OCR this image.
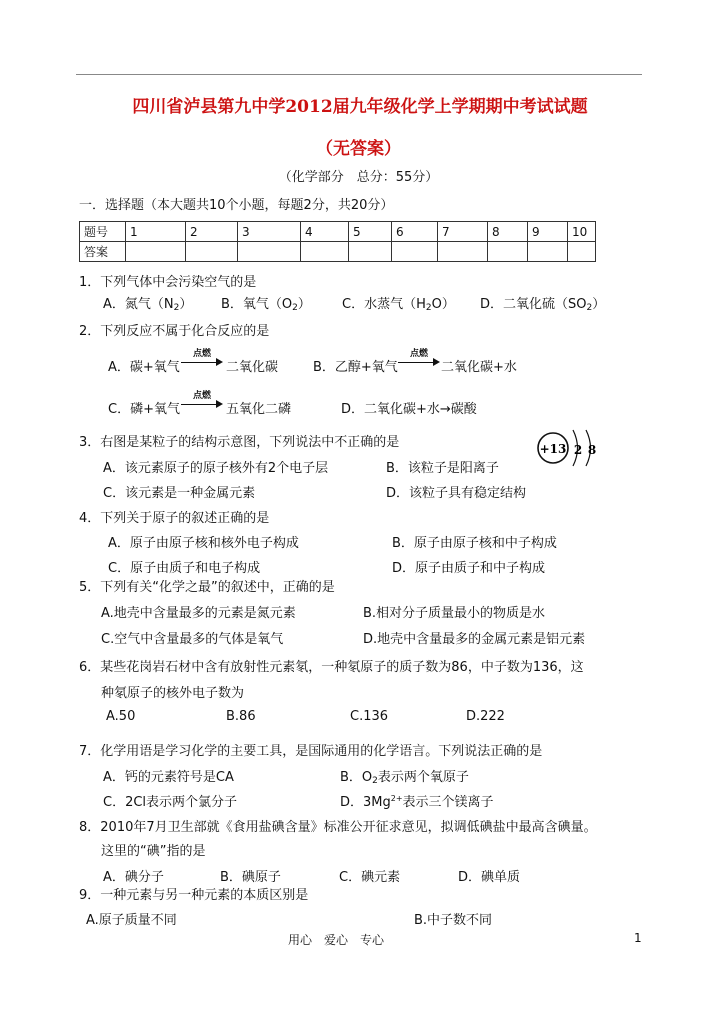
四川省泸县第九中学2012届九年级化学上学期期中考试试题
（无答案）
（化学部分　总分：55分）
一．选择题（本大题共10个小题，每题2分，共20分）
题号	1	2	3	4	5	6	7	8	9	10
答案										
1．下列气体中会污染空气的是
A．氮气$(N_2)$ B．氧气$(O_2)$ C．水蒸气$(H_2O)$ D．二氧化硫$(SO_2)$
2．下列反应不属于化合反应的是
A．碳+氧气
点燃
二氧化碳	B．乙醇+氧气
点燃
二氧化碳+水
C．磷+氧气
点燃
五氧化二磷	D．二氧化碳+水→碳酸
3．右图是某粒子的结构示意图，下列说法中不正确的是
A．该元素原子的原子核外有2个电子层	B．该粒子是阳离子
C．该元素是一种金属元素	D．该粒子具有稳定结构
+13 2 8
4．下列关于原子的叙述正确的是
A．原子由原子核和核外电子构成	B．原子由原子核和中子构成
C．原子由质子和电子构成	D．原子由质子和中子构成
5．下列有关“化学之最”的叙述中，正确的是
A.地壳中含量最多的元素是氮元素	B.相对分子质量最小的物质是水
C.空气中含量最多的气体是氧气	D.地壳中含量最多的金属元素是铝元素
6．某些花岗岩石材中含有放射性元素氡，一种氡原子的质子数为86，中子数为136，这
种氡原子的核外电子数为
A.50	B.86	C.136	D.222
7．化学用语是学习化学的主要工具，是国际通用的化学语言。下列说法正确的是
A．钙的元素符号是CA	B．$O_2$表示两个氧原子
C．2Cl表示两个氯分子	D．$3Mg^{2+}$表示三个镁离子
8．2010年7月卫生部就《食用盐碘含量》标准公开征求意见，拟调低碘盐中最高含碘量。
这里的“碘”指的是
A．碘分子	B．碘原子	C．碘元素	D．碘单质
9．一种元素与另一种元素的本质区别是
A.原子质量不同	B.中子数不同
用心　爱心　专心	1
